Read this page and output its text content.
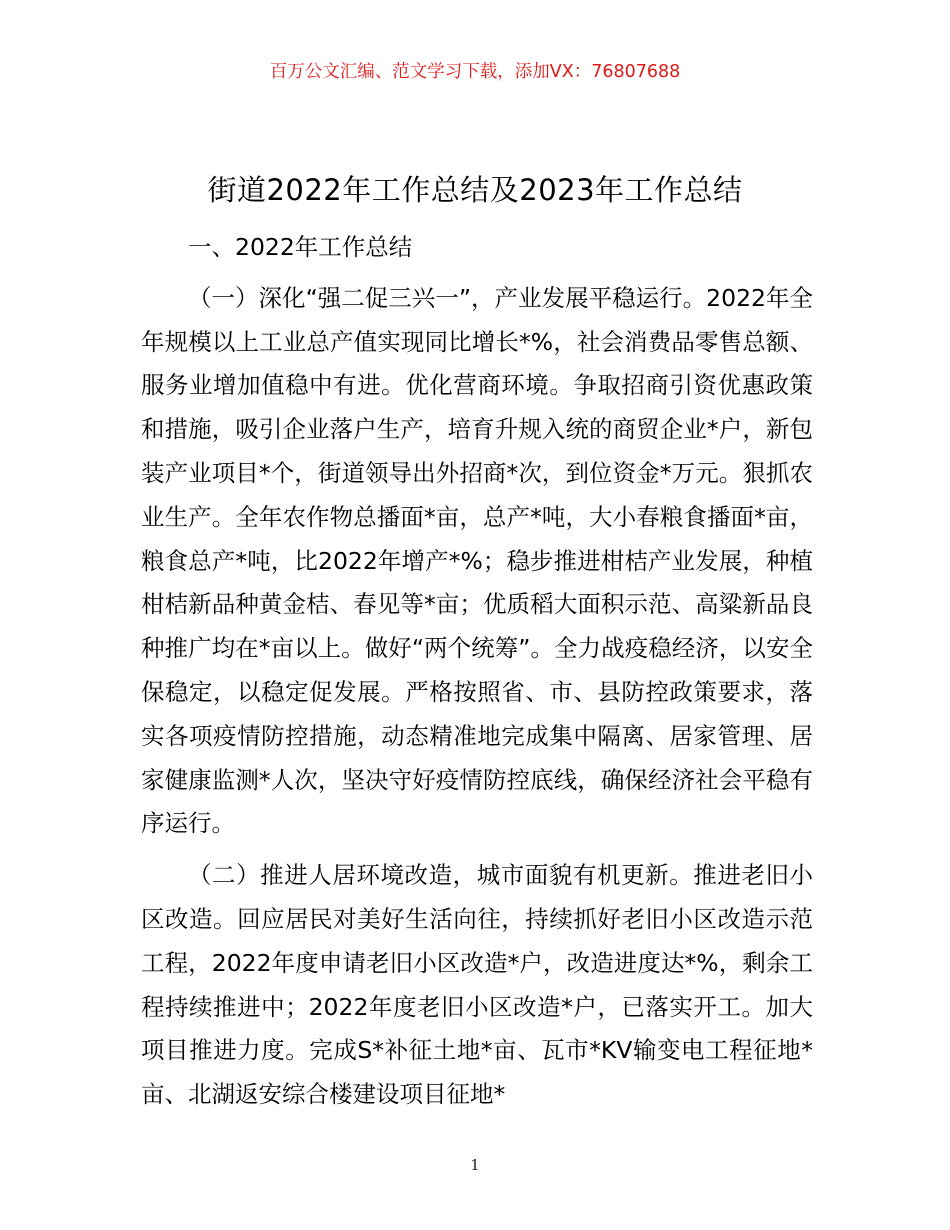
百万公文汇编、范文学习下载，添加VX：76807688
街道2022年工作总结及2023年工作总结

一、2022年工作总结

（一）深化“强二促三兴一”，产业发展平稳运行。2022年全年规模以上工业总产值实现同比增长*%，社会消费品零售总额、服务业增加值稳中有进。优化营商环境。争取招商引资优惠政策和措施，吸引企业落户生产，培育升规入统的商贸企业*户，新包装产业项目*个，街道领导出外招商*次，到位资金*万元。狠抓农业生产。全年农作物总播面*亩，总产*吨，大小春粮食播面*亩，粮食总产*吨，比2022年增产*%；稳步推进柑桔产业发展，种植柑桔新品种黄金桔、春见等*亩；优质稻大面积示范、高粱新品良种推广均在*亩以上。做好“两个统筹”。全力战疫稳经济，以安全保稳定，以稳定促发展。严格按照省、市、县防控政策要求，落实各项疫情防控措施，动态精准地完成集中隔离、居家管理、居家健康监测*人次，坚决守好疫情防控底线，确保经济社会平稳有序运行。

（二）推进人居环境改造，城市面貌有机更新。推进老旧小区改造。回应居民对美好生活向往，持续抓好老旧小区改造示范工程，2022年度申请老旧小区改造*户，改造进度达*%，剩余工程持续推进中；2022年度老旧小区改造*户，已落实开工。加大项目推进力度。完成S*补征土地*亩、瓦市*KV输变电工程征地*亩、北湖返安综合楼建设项目征地*

1
